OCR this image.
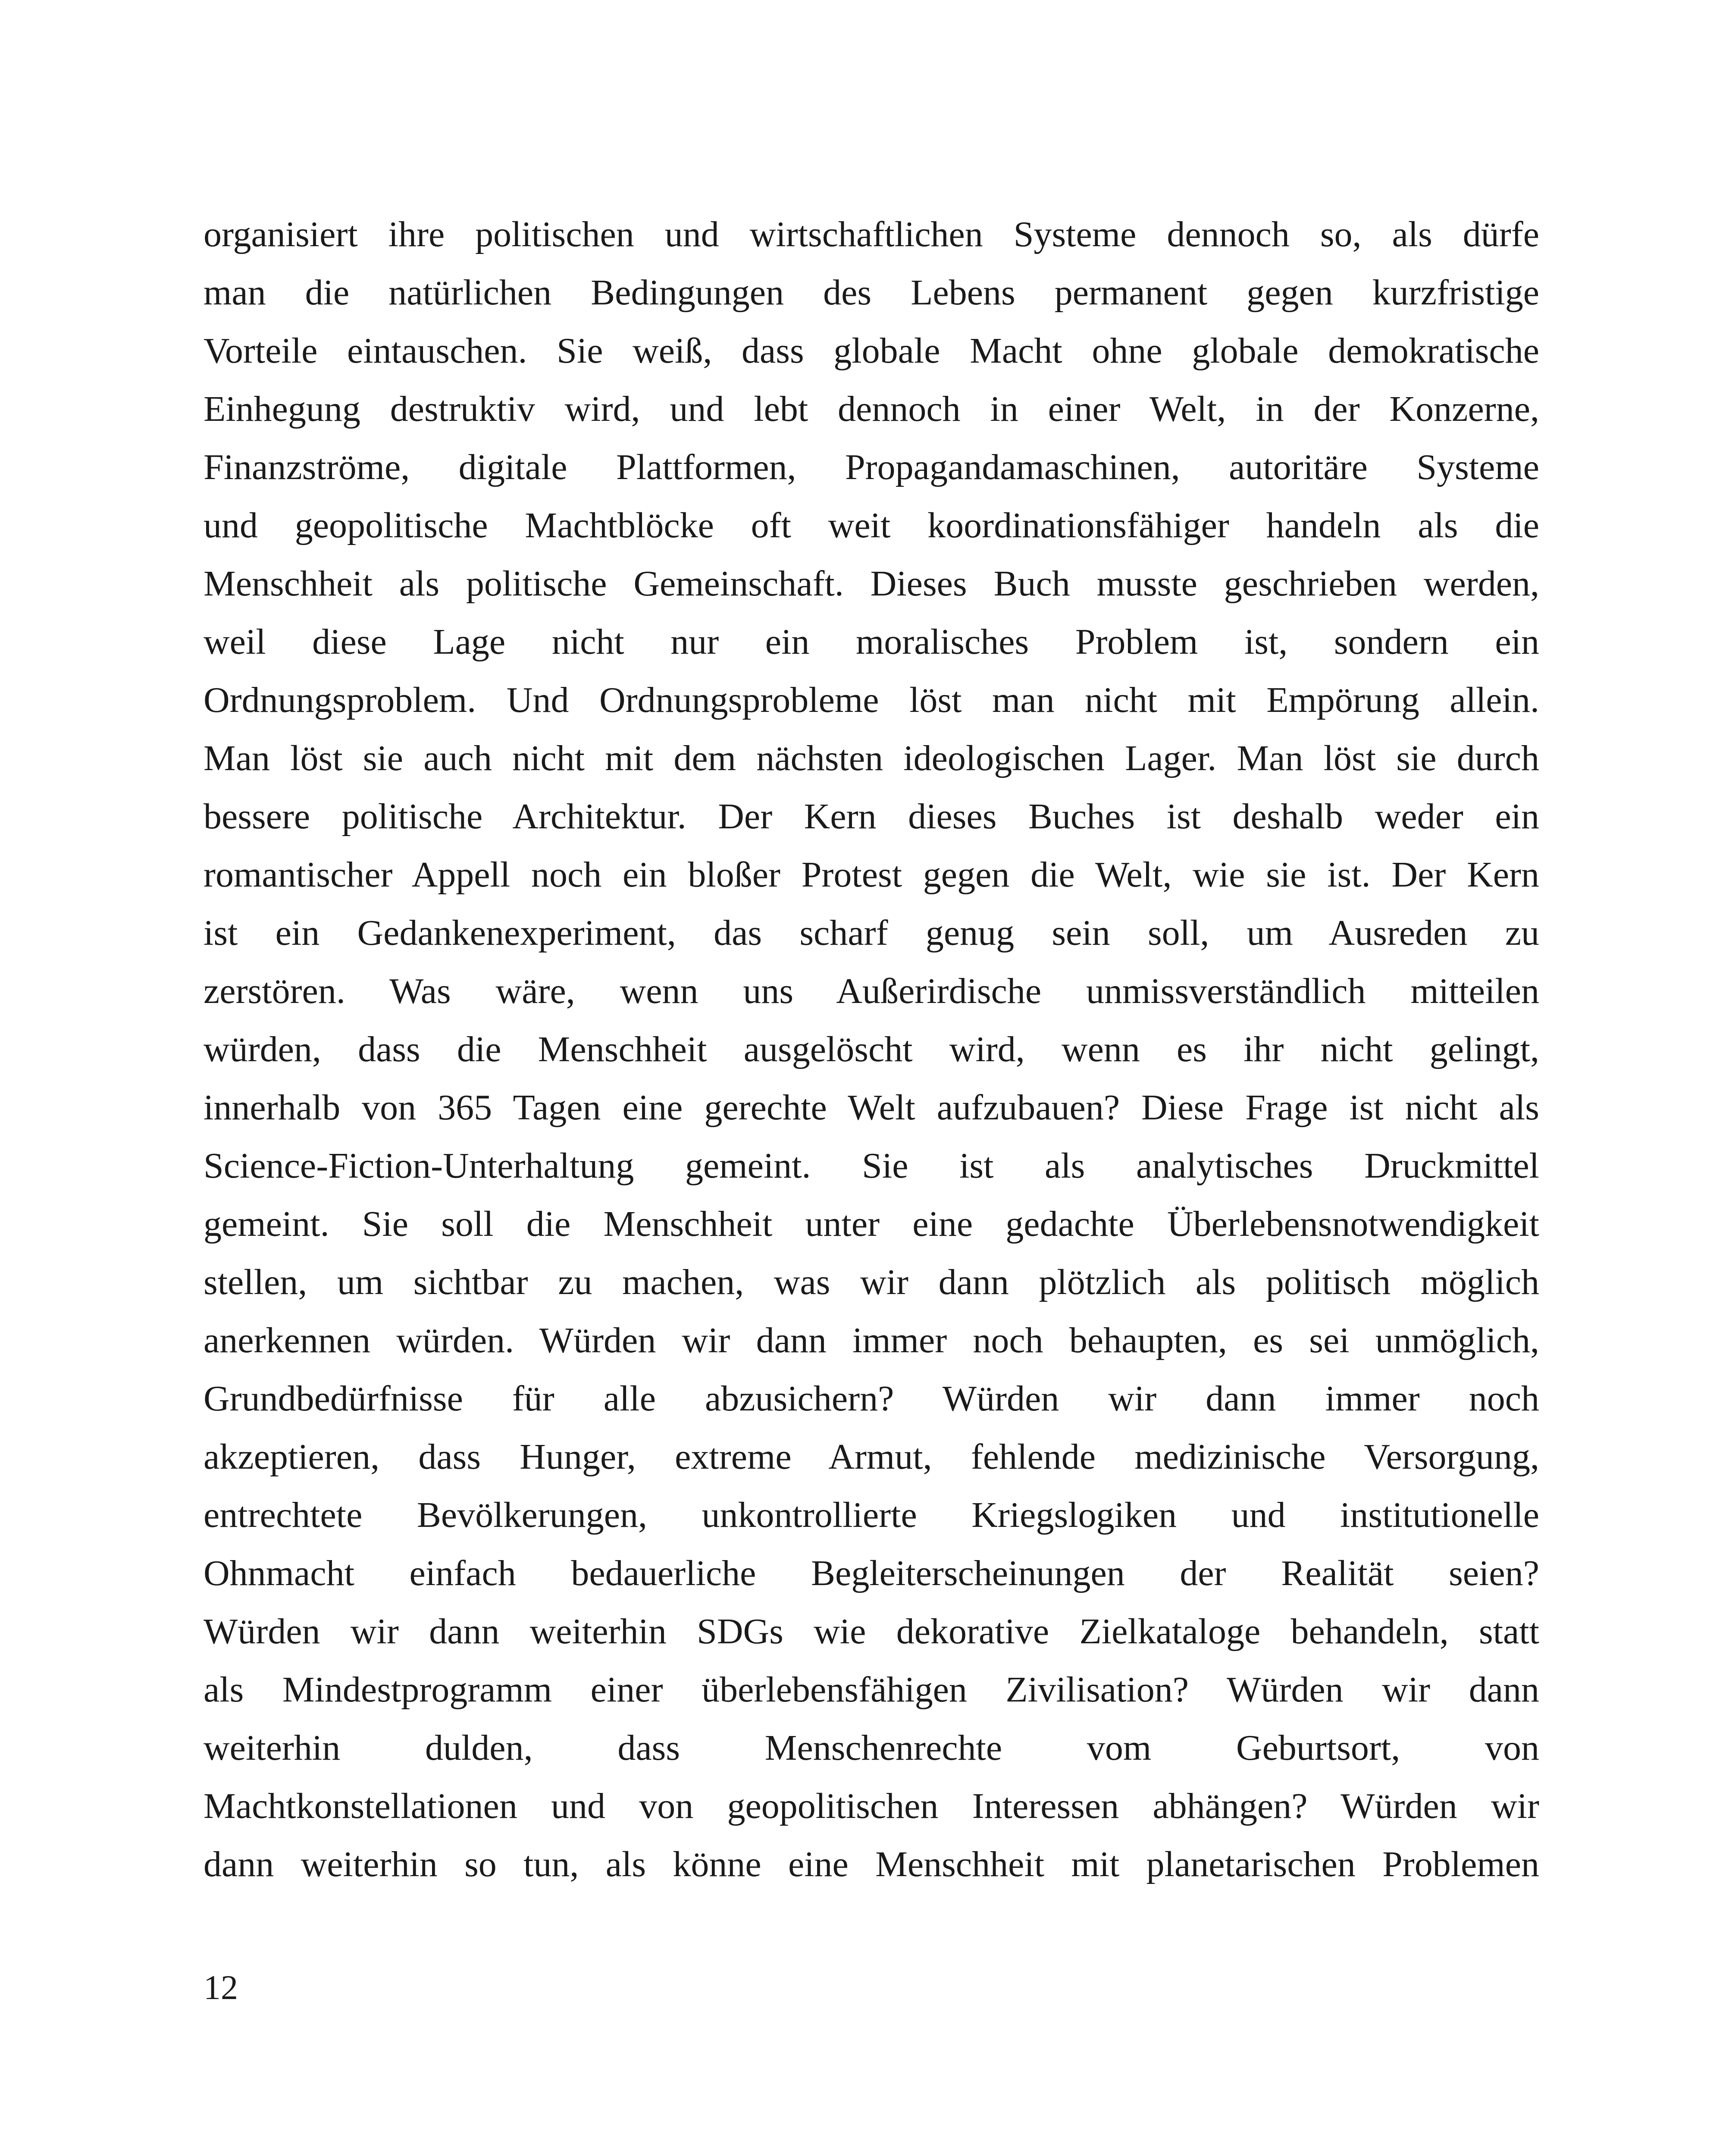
organisiert ihre politischen und wirtschaftlichen Systeme dennoch so, als dürfe
man die natürlichen Bedingungen des Lebens permanent gegen kurzfristige
Vorteile eintauschen. Sie weiß, dass globale Macht ohne globale demokratische
Einhegung destruktiv wird, und lebt dennoch in einer Welt, in der Konzerne,
Finanzströme, digitale Plattformen, Propagandamaschinen, autoritäre Systeme
und geopolitische Machtblöcke oft weit koordinationsfähiger handeln als die
Menschheit als politische Gemeinschaft. Dieses Buch musste geschrieben werden,
weil diese Lage nicht nur ein moralisches Problem ist, sondern ein
Ordnungsproblem. Und Ordnungsprobleme löst man nicht mit Empörung allein.
Man löst sie auch nicht mit dem nächsten ideologischen Lager. Man löst sie durch
bessere politische Architektur. Der Kern dieses Buches ist deshalb weder ein
romantischer Appell noch ein bloßer Protest gegen die Welt, wie sie ist. Der Kern
ist ein Gedankenexperiment, das scharf genug sein soll, um Ausreden zu
zerstören. Was wäre, wenn uns Außerirdische unmissverständlich mitteilen
würden, dass die Menschheit ausgelöscht wird, wenn es ihr nicht gelingt,
innerhalb von 365 Tagen eine gerechte Welt aufzubauen? Diese Frage ist nicht als
Science-Fiction-Unterhaltung gemeint. Sie ist als analytisches Druckmittel
gemeint. Sie soll die Menschheit unter eine gedachte Überlebensnotwendigkeit
stellen, um sichtbar zu machen, was wir dann plötzlich als politisch möglich
anerkennen würden. Würden wir dann immer noch behaupten, es sei unmöglich,
Grundbedürfnisse für alle abzusichern? Würden wir dann immer noch
akzeptieren, dass Hunger, extreme Armut, fehlende medizinische Versorgung,
entrechtete Bevölkerungen, unkontrollierte Kriegslogiken und institutionelle
Ohnmacht einfach bedauerliche Begleiterscheinungen der Realität seien?
Würden wir dann weiterhin SDGs wie dekorative Zielkataloge behandeln, statt
als Mindestprogramm einer überlebensfähigen Zivilisation? Würden wir dann
weiterhin dulden, dass Menschenrechte vom Geburtsort, von
Machtkonstellationen und von geopolitischen Interessen abhängen? Würden wir
dann weiterhin so tun, als könne eine Menschheit mit planetarischen Problemen
12
